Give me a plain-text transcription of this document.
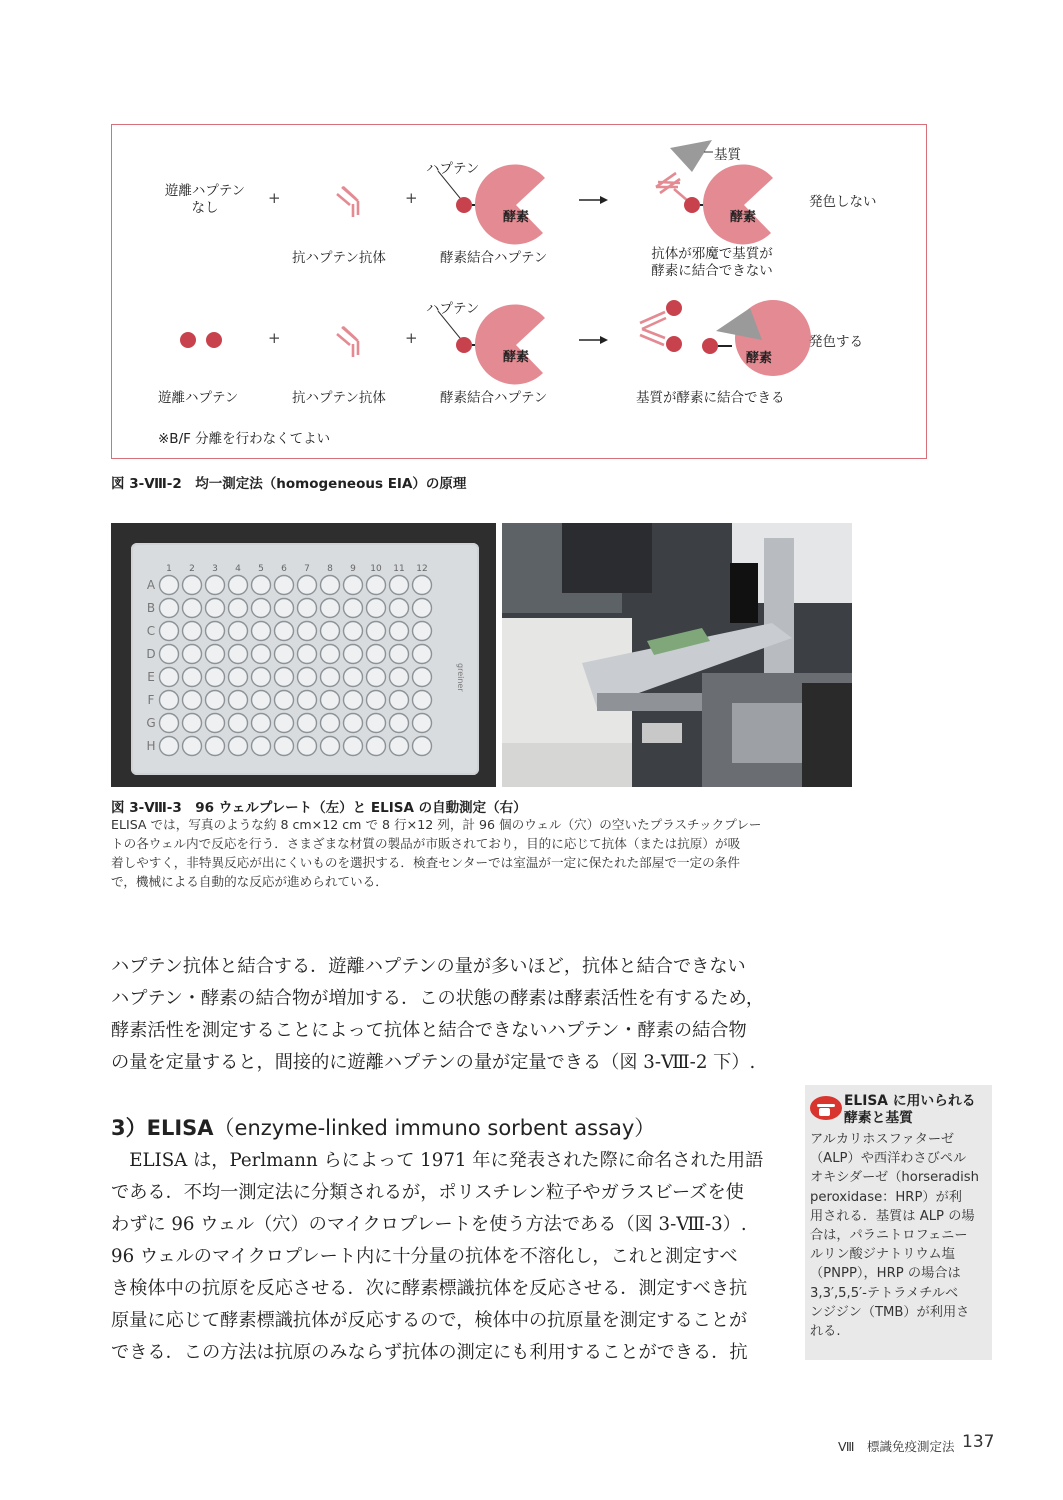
遊離ハプテン
なし
+	+
ハプテン
酵素
基質
酵素
発色しない
抗ハプテン抗体	酵素結合ハプテン	抗体が邪魔で基質が
酵素に結合できない
+	+
ハプテン
酵素	酵素
発色する
遊離ハプテン	抗ハプテン抗体	酵素結合ハプテン	基質が酵素に結合できる
※B/F 分離を行わなくてよい
図 3-Ⅷ-2　均一測定法（homogeneous EIA）の原理
1 2 3 4 5 6 7 8 9 10 11 12
A
B
C
D
E
F
G
H
greiner
図 3-Ⅷ-3　96 ウェルプレート（左）と ELISA の自動測定（右）
ELISA では，写真のような約 8 cm×12 cm で 8 行×12 列，計 96 個のウェル（穴）の空いたプラスチックプレー
トの各ウェル内で反応を行う．さまざまな材質の製品が市販されており，目的に応じて抗体（または抗原）が吸
着しやすく，非特異反応が出にくいものを選択する．検査センターでは室温が一定に保たれた部屋で一定の条件
で，機械による自動的な反応が進められている．
ハプテン抗体と結合する．遊離ハプテンの量が多いほど，抗体と結合できない
ハプテン・酵素の結合物が増加する．この状態の酵素は酵素活性を有するため，
酵素活性を測定することによって抗体と結合できないハプテン・酵素の結合物
の量を定量すると，間接的に遊離ハプテンの量が定量できる（図 3-Ⅷ-2 下）.
3）ELISA（enzyme-linked immuno sorbent assay）
　ELISA は，Perlmann らによって 1971 年に発表された際に命名された用語
である．不均一測定法に分類されるが，ポリスチレン粒子やガラスビーズを使
わずに 96 ウェル（穴）のマイクロプレートを使う方法である（図 3-Ⅷ-3）.
96 ウェルのマイクロプレート内に十分量の抗体を不溶化し，これと測定すべ
き検体中の抗原を反応させる．次に酵素標識抗体を反応させる．測定すべき抗
原量に応じて酵素標識抗体が反応するので，検体中の抗原量を測定することが
できる．この方法は抗原のみならず抗体の測定にも利用することができる．抗
ELISA に用いられる
酵素と基質
アルカリホスファターゼ
（ALP）や西洋わさびペル
オキシダーゼ（horseradish
peroxidase：HRP）が利
用される．基質は ALP の場
合は，パラニトロフェニー
ルリン酸ジナトリウム塩
（PNPP），HRP の場合は
3,3′,5,5′-テトラメチルベ
ンジジン（TMB）が利用さ
れる.
Ⅷ　標識免疫測定法 137
